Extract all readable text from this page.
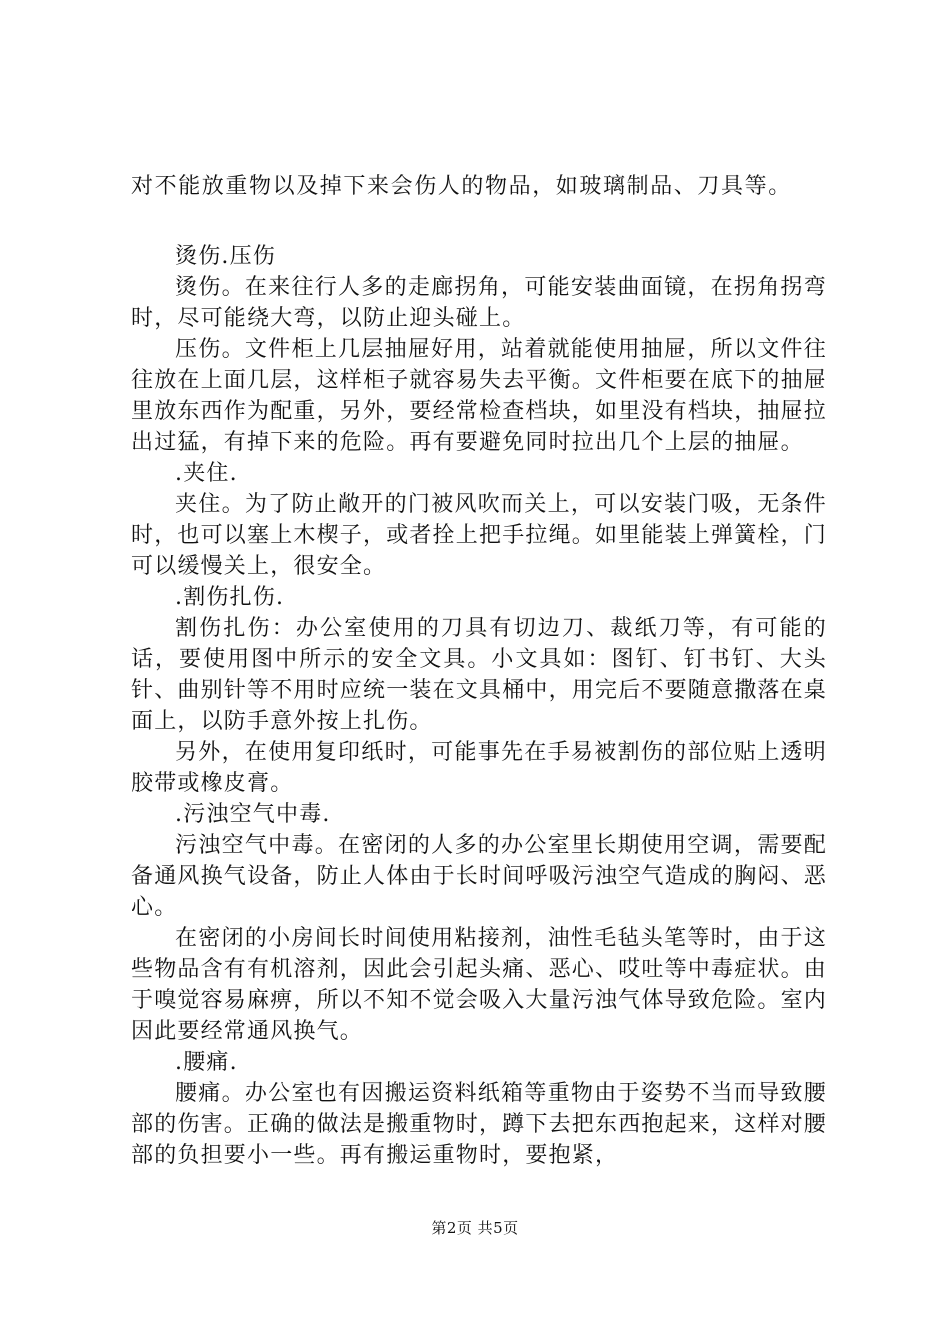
对不能放重物以及掉下来会伤人的物品，如玻璃制品、刀具等。

烫伤.压伤

烫伤。在来往行人多的走廊拐角，可能安装曲面镜，在拐角拐弯时，尽可能绕大弯，以防止迎头碰上。

压伤。文件柜上几层抽屉好用，站着就能使用抽屉，所以文件往往放在上面几层，这样柜子就容易失去平衡。文件柜要在底下的抽屉里放东西作为配重，另外，要经常检查档块，如里没有档块，抽屉拉出过猛，有掉下来的危险。再有要避免同时拉出几个上层的抽屉。

.夹住.

夹住。为了防止敞开的门被风吹而关上，可以安装门吸，无条件时，也可以塞上木楔子，或者拴上把手拉绳。如里能装上弹簧栓，门可以缓慢关上，很安全。

.割伤扎伤.

割伤扎伤：办公室使用的刀具有切边刀、裁纸刀等，有可能的话，要使用图中所示的安全文具。小文具如：图钉、钉书钉、大头针、曲别针等不用时应统一装在文具桶中，用完后不要随意撒落在桌面上，以防手意外按上扎伤。

另外，在使用复印纸时，可能事先在手易被割伤的部位贴上透明胶带或橡皮膏。

.污浊空气中毒.

污浊空气中毒。在密闭的人多的办公室里长期使用空调，需要配备通风换气设备，防止人体由于长时间呼吸污浊空气造成的胸闷、恶心。

在密闭的小房间长时间使用粘接剂，油性毛毡头笔等时，由于这些物品含有有机溶剂，因此会引起头痛、恶心、哎吐等中毒症状。由于嗅觉容易麻痹，所以不知不觉会吸入大量污浊气体导致危险。室内因此要经常通风换气。

.腰痛.

腰痛。办公室也有因搬运资料纸箱等重物由于姿势不当而导致腰部的伤害。正确的做法是搬重物时，蹲下去把东西抱起来，这样对腰部的负担要小一些。再有搬运重物时，要抱紧，

第2页 共5页
